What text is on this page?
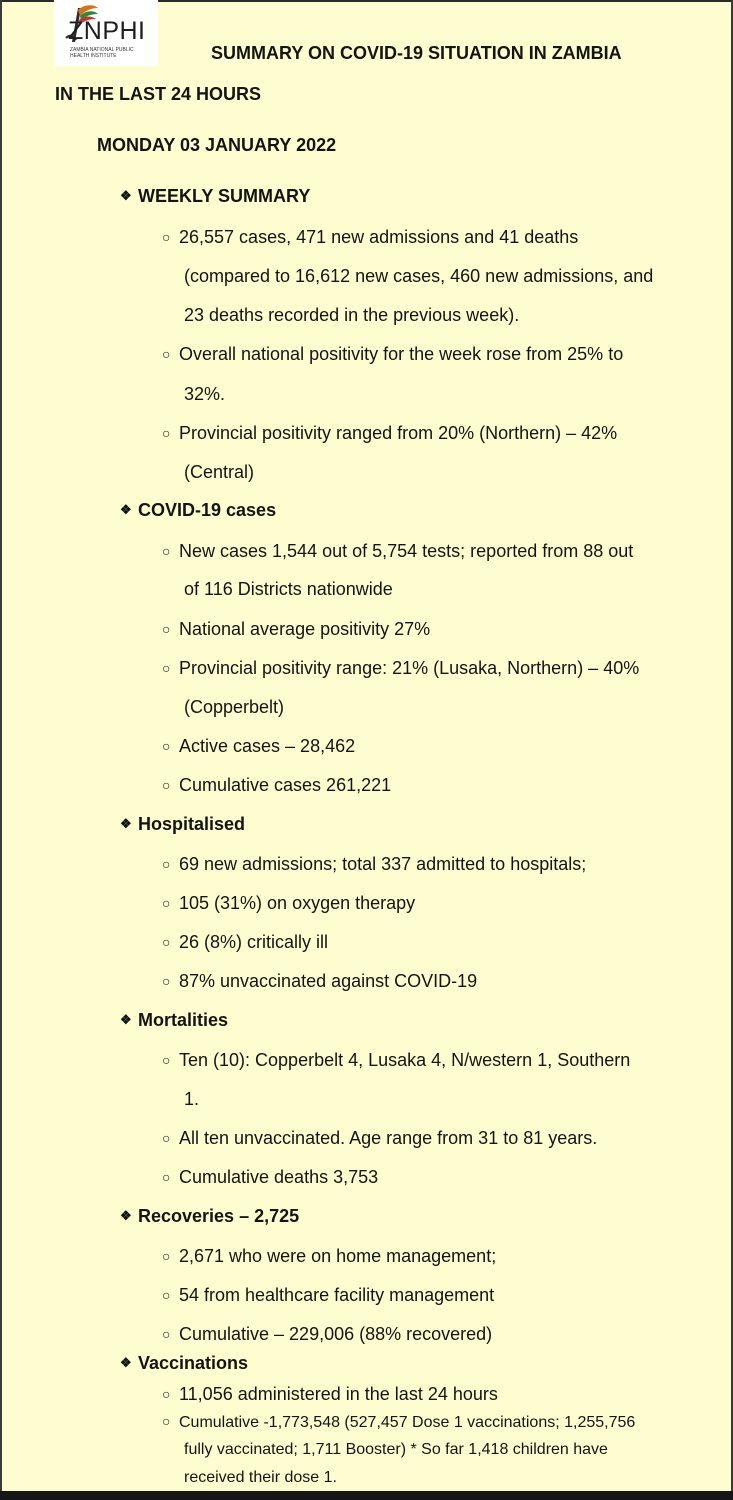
ZNPHI
ZAMBIA NATIONAL PUBLIC HEALTH INSTITUTE	SUMMARY ON COVID-19 SITUATION IN ZAMBIA
IN THE LAST 24 HOURS
MONDAY 03 JANUARY 2022
❖ WEEKLY SUMMARY
○ 26,557 cases, 471 new admissions and 41 deaths
(compared to 16,612 new cases, 460 new admissions, and
23 deaths recorded in the previous week).
○ Overall national positivity for the week rose from 25% to
32%.
○ Provincial positivity ranged from 20% (Northern) – 42%
(Central)
❖ COVID-19 cases
○ New cases 1,544 out of 5,754 tests; reported from 88 out
of 116 Districts nationwide
○ National average positivity 27%
○ Provincial positivity range: 21% (Lusaka, Northern) – 40%
(Copperbelt)
○ Active cases – 28,462
○ Cumulative cases 261,221
❖ Hospitalised
○ 69 new admissions; total 337 admitted to hospitals;
○ 105 (31%) on oxygen therapy
○ 26 (8%) critically ill
○ 87% unvaccinated against COVID-19
❖ Mortalities
○ Ten (10): Copperbelt 4, Lusaka 4, N/western 1, Southern
1.
○ All ten unvaccinated. Age range from 31 to 81 years.
○ Cumulative deaths 3,753
❖ Recoveries – 2,725
○ 2,671 who were on home management;
○ 54 from healthcare facility management
○ Cumulative – 229,006 (88% recovered)
❖ Vaccinations
○ 11,056 administered in the last 24 hours
○ Cumulative -1,773,548 (527,457 Dose 1 vaccinations; 1,255,756
fully vaccinated; 1,711 Booster) * So far 1,418 children have
received their dose 1.
